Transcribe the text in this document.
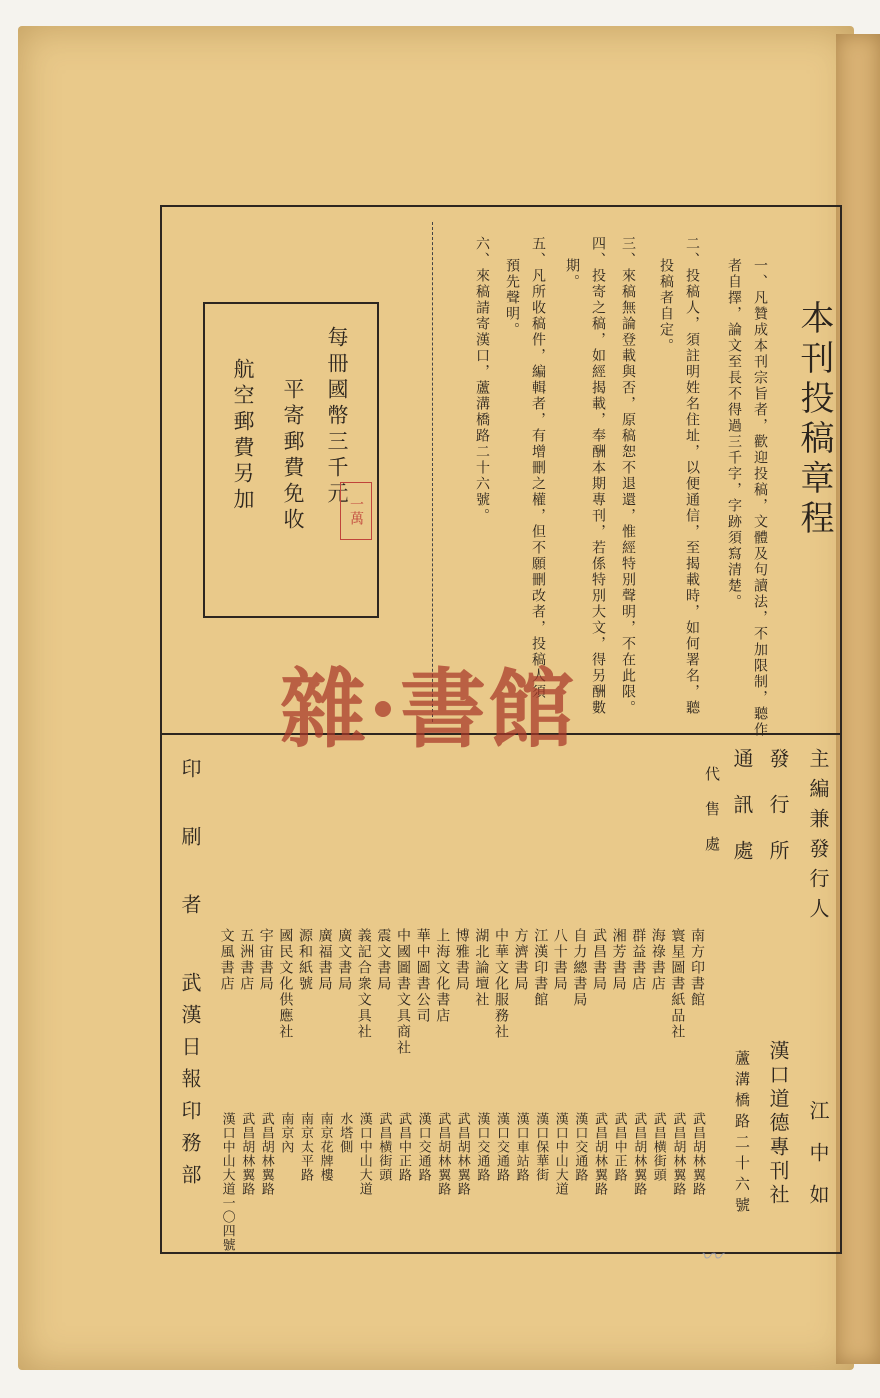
本刊投稿章程
一、凡贊成本刊宗旨者，歡迎投稿，文體及句讀法，不加限制，聽作
者自擇，論文至長不得過三千字，字跡須寫清楚。
二、投稿人，須註明姓名住址，以便通信，至揭載時，如何署名，聽
投稿者自定。
三、來稿無論登載與否，原稿恕不退還，惟經特別聲明，不在此限。
四、投寄之稿，如經揭載，奉酬本期專刊，若係特別大文，得另酬數
期。
五、凡所收稿件，編輯者，有增刪之權，但不願刪改者，投稿人須
預先聲明。
六、來稿請寄漢口，蘆溝橋路二十六號。
每冊國幣三千元
平寄郵費免收
航空郵費另加	一萬
雜·書館
主編兼發行人
江中如
發行所
漢口道德專刊社
通訊處
蘆溝橋路二十六號
代售處
南方印書館
武昌胡林翼路
寰星圖書紙品社
武昌胡林翼路
海祿書店
武昌横街頭
群益書店
武昌胡林翼路
湘芳書局
武昌中正路
武昌書局
武昌胡林翼路
自力總書局
漢口交通路
八十書局
漢口中山大道
江漢印書館
漢口保華街
方濟書局
漢口車站路
中華文化服務社
漢口交通路
湖北論壇社
漢口交通路
博雅書局
武昌胡林翼路
上海文化書店
武昌胡林翼路
華中圖書公司
漢口交通路
中國圖書文具商社
武昌中正路
震文書局
武昌横街頭
義記合衆文具社
漢口中山大道
廣文書局
水塔側
廣福書局
南京花牌樓
源和紙號
南京太平路
國民文化供應社
南京內
宇宙書局
武昌胡林翼路
五洲書店
武昌胡林翼路
文風書店
漢口中山大道一〇四號
印刷者
武漢日報印務部
〰
